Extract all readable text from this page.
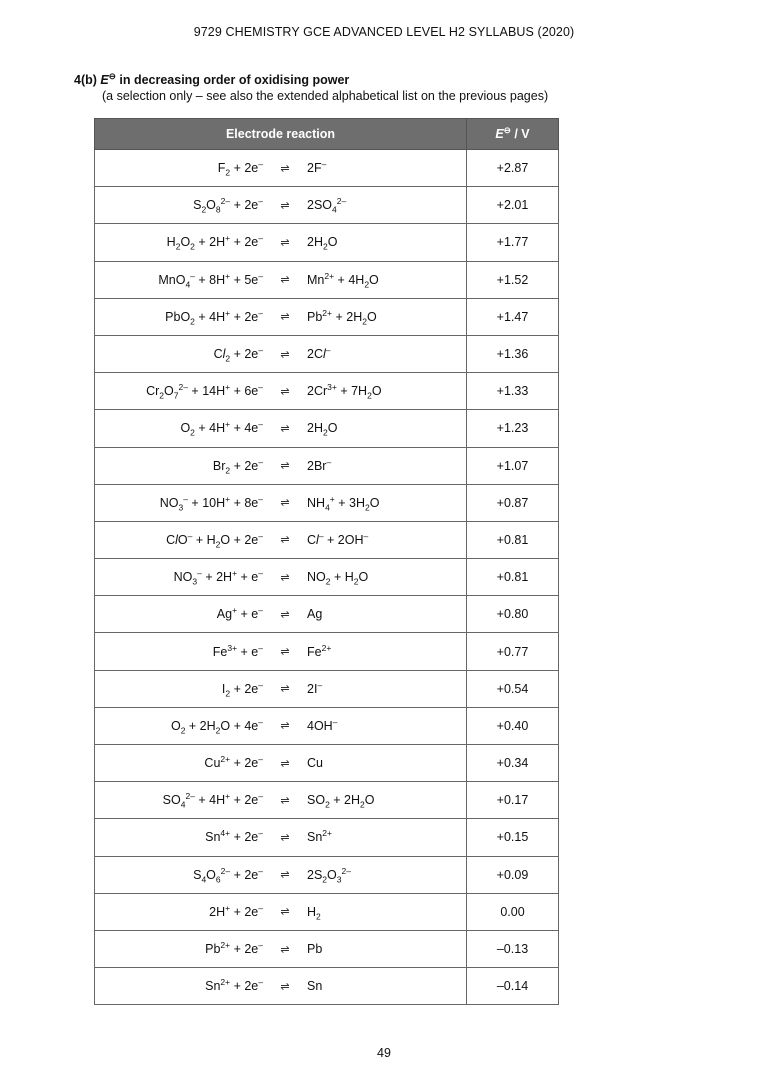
9729 CHEMISTRY GCE ADVANCED LEVEL H2 SYLLABUS (2020)
4(b) E⊖ in decreasing order of oxidising power
(a selection only – see also the extended alphabetical list on the previous pages)
Electrode reaction	E⊖ / V

$F_2 + 2e^-$ ⇌ 2F–	+2.87

$S_2O_8^{2-} + 2e^-$ ⇌ $2SO_4^{2-}$	+2.01

$H_2O_2 + 2H^+ + 2e^-$ ⇌ $2H_2O$	+1.77

MnO$_4$– + 8H+ + 5e– ⇌ $Mn^{2+} + 4H_2O$	+1.52

PbO$_2$ + 4H+ + 2e– ⇌ $Pb^{2+} + 2H_2O$	+1.47

$Cl_2 + 2e^-$ ⇌ 2Cl–	+1.36

$Cr_2O_7^{2-} + 14H^+ + 6e^-$ ⇌ $2Cr^{3+} + 7H_2O$	+1.33

$O_2 + 4H^+ + 4e^-$ ⇌ $2H_2O$	+1.23

$Br_2 + 2e^-$ ⇌ 2Br–	+1.07

$NO_3^- + 10H^+ + 8e^-$ ⇌ $NH_4^+ + 3H_2O$	+0.87

$ClO^- + H_2O + 2e^-$ ⇌ Cl– + 2OH–	+0.81

$NO_3^- + 2H^+ + e^-$ ⇌ $NO_2 + H_2O$	+0.81

Ag+ + e– ⇌ Ag	+0.80

$Fe^{3+} + e^-$ ⇌ $Fe^{2+}$	+0.77

$I_2 + 2e^-$ ⇌ 2I–	+0.54

$O_2 + 2H_2O + 4e^-$ ⇌ 4OH–	+0.40

$Cu^{2+} + 2e^-$ ⇌ Cu	+0.34

$SO_4^{2-} + 4H^+ + 2e^-$ ⇌ $SO_2 + 2H_2O$	+0.17

$Sn^{4+} + 2e^-$ ⇌ $Sn^{2+}$	+0.15

$S_4O_6^{2-} + 2e^-$ ⇌ $2S_2O_3^{2-}$	+0.09

2H+ + 2e– ⇌ $H_2$	0.00

$Pb^{2+} + 2e^-$ ⇌ Pb	–0.13

$Sn^{2+} + 2e^-$ ⇌ Sn	–0.14
49
